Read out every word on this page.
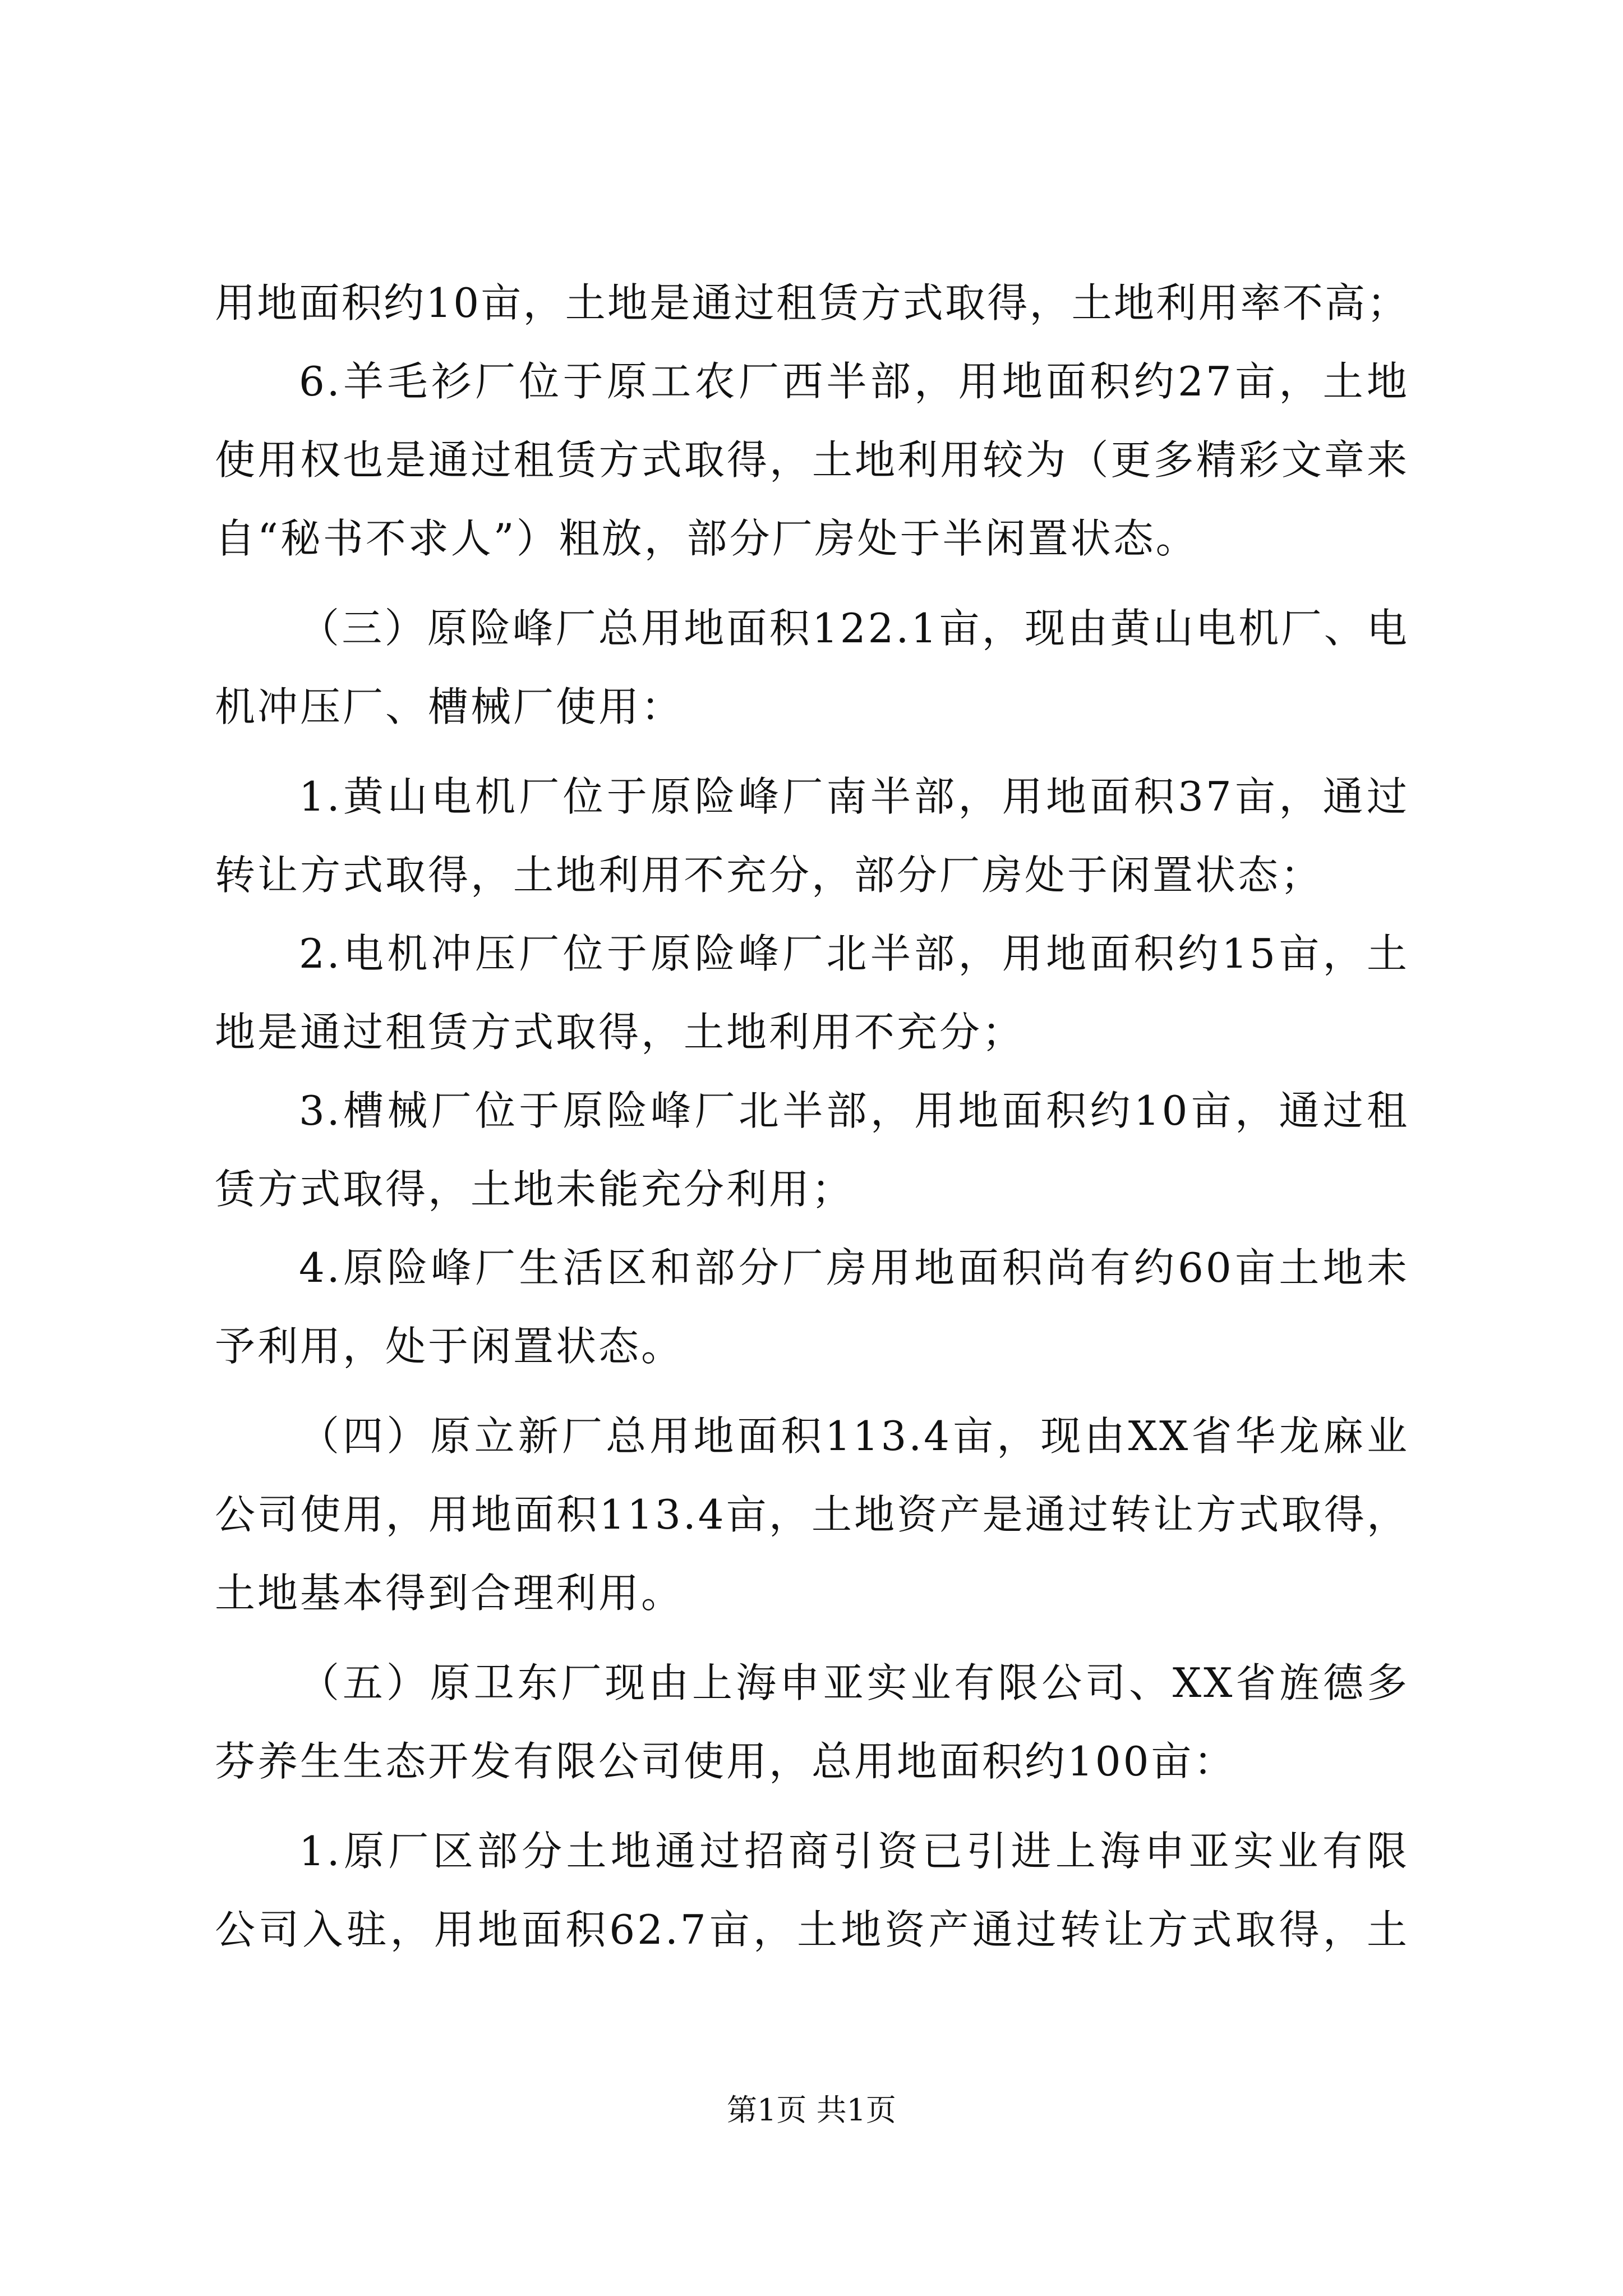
用地面积约10亩，土地是通过租赁方式取得，土地利用率不高；
6.羊毛衫厂位于原工农厂西半部，用地面积约27亩，土地
使用权也是通过租赁方式取得，土地利用较为（更多精彩文章来
自“秘书不求人”）粗放，部分厂房处于半闲置状态。
（三）原险峰厂总用地面积122.1亩，现由黄山电机厂、电
机冲压厂、槽械厂使用：
1.黄山电机厂位于原险峰厂南半部，用地面积37亩，通过
转让方式取得，土地利用不充分，部分厂房处于闲置状态；
2.电机冲压厂位于原险峰厂北半部，用地面积约15亩，土
地是通过租赁方式取得，土地利用不充分；
3.槽械厂位于原险峰厂北半部，用地面积约10亩，通过租
赁方式取得，土地未能充分利用；
4.原险峰厂生活区和部分厂房用地面积尚有约60亩土地未
予利用，处于闲置状态。
（四）原立新厂总用地面积113.4亩，现由XX省华龙麻业
公司使用，用地面积113.4亩，土地资产是通过转让方式取得，
土地基本得到合理利用。
（五）原卫东厂现由上海申亚实业有限公司、XX省旌德多
芬养生生态开发有限公司使用，总用地面积约100亩：
1.原厂区部分土地通过招商引资已引进上海申亚实业有限
公司入驻，用地面积62.7亩，土地资产通过转让方式取得，土
第1页 共1页
